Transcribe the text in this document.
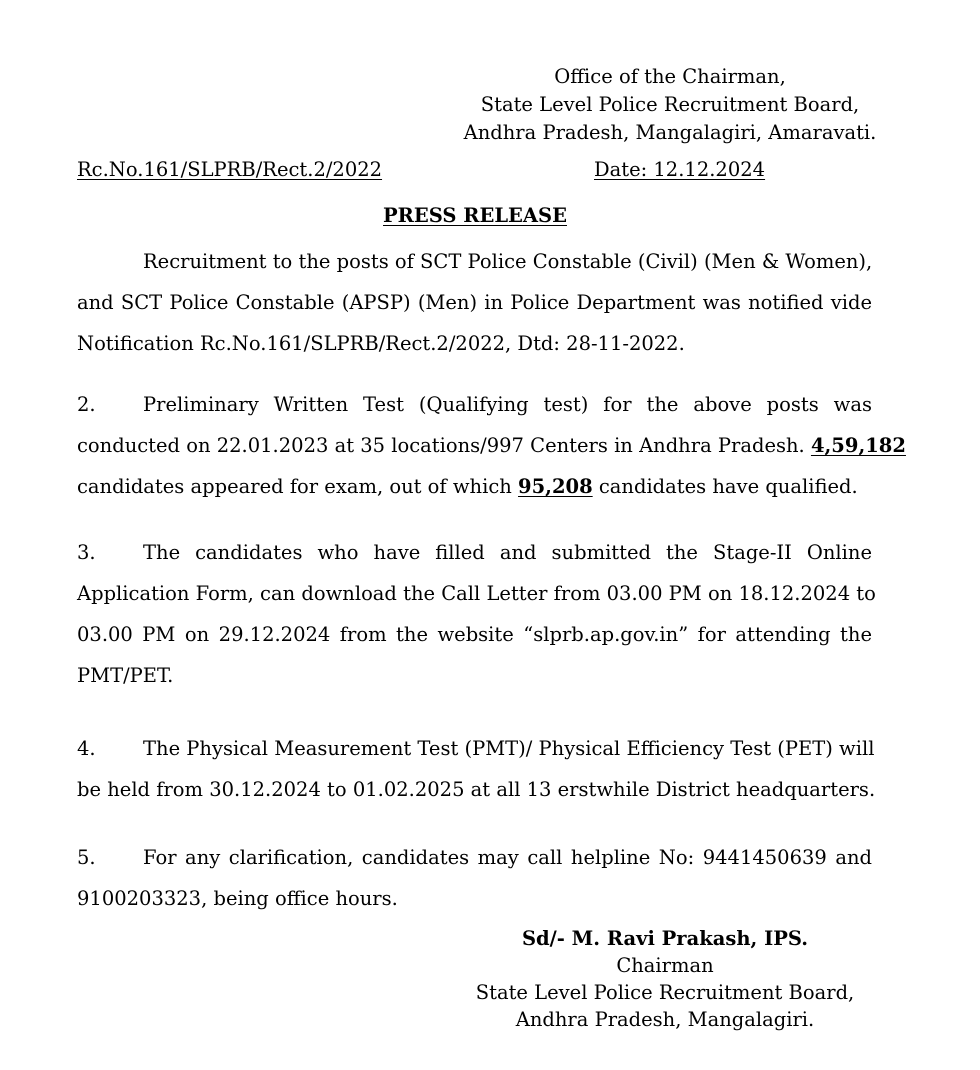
Office of the Chairman,
State Level Police Recruitment Board,
Andhra Pradesh, Mangalagiri, Amaravati.
Rc.No.161/SLPRB/Rect.2/2022	Date: 12.12.2024
PRESS RELEASE
Recruitment to the posts of SCT Police Constable (Civil) (Men & Women),
and SCT Police Constable (APSP) (Men) in Police Department was notified vide
Notification Rc.No.161/SLPRB/Rect.2/2022, Dtd: 28-11-2022.
2. Preliminary Written Test (Qualifying test) for the above posts was
conducted on 22.01.2023 at 35 locations/997 Centers in Andhra Pradesh. 4,59,182
candidates appeared for exam, out of which 95,208 candidates have qualified.
3. The candidates who have filled and submitted the Stage-II Online
Application Form, can download the Call Letter from 03.00 PM on 18.12.2024 to
03.00 PM on 29.12.2024 from the website “slprb.ap.gov.in” for attending the
PMT/PET.
4. The Physical Measurement Test (PMT)/ Physical Efficiency Test (PET) will
be held from 30.12.2024 to 01.02.2025 at all 13 erstwhile District headquarters.
5. For any clarification, candidates may call helpline No: 9441450639 and
9100203323, being office hours.
Sd/- M. Ravi Prakash, IPS.
Chairman
State Level Police Recruitment Board,
Andhra Pradesh, Mangalagiri.
